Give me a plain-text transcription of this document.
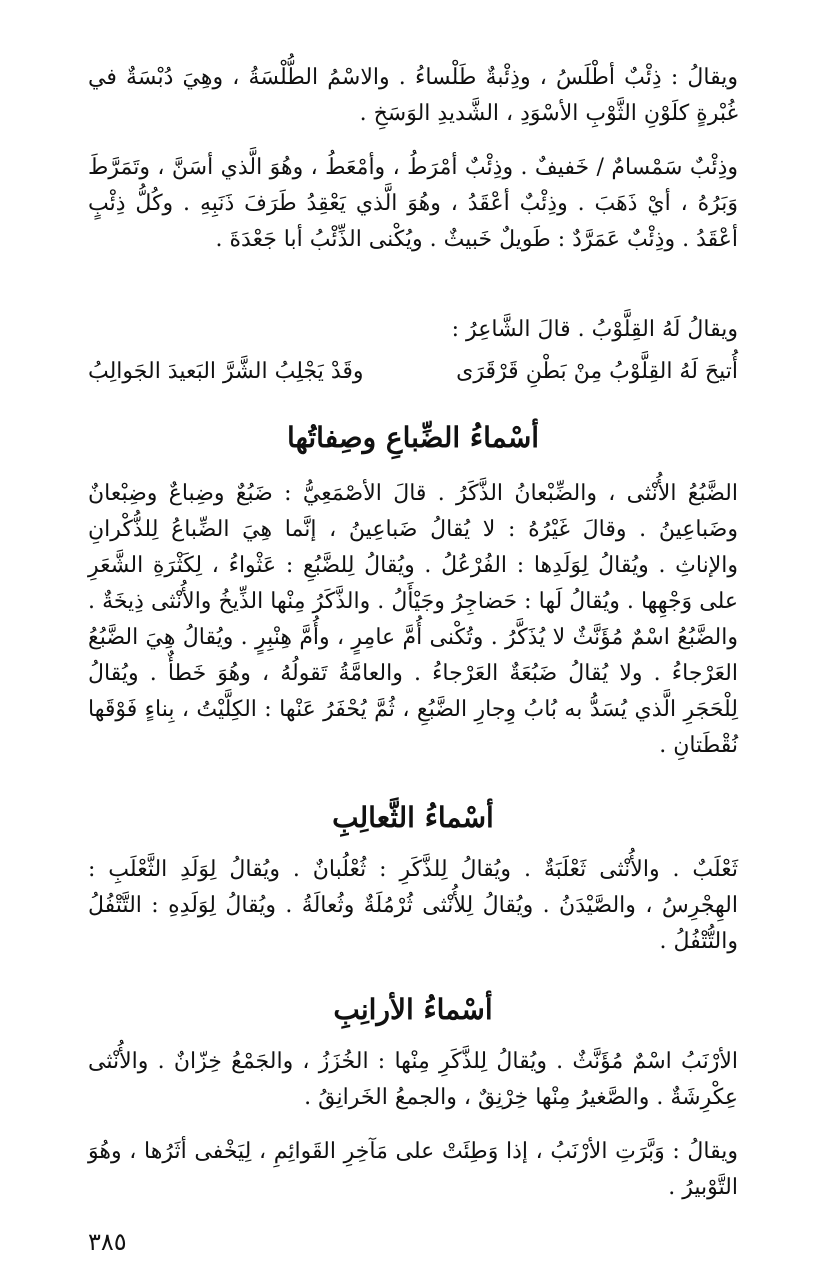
ويقالُ : ذِئْبٌ أطْلَسُ ، وذِئْبةٌ طَلْساءُ . والاسْمُ الطُّلْسَةُ ، وهِيَ دُبْسَةٌ في غُبْرةٍ كلَوْنِ الثَّوْبِ الأسْوَدِ ، الشَّديدِ الوَسَخِ .

وذِئْبٌ سَمْسامٌ / خَفيفٌ . وذِئْبٌ أمْرَطُ ، وأمْعَطُ ، وهُوَ الَّذي أسَنَّ ، وتَمَرَّطَ وَبَرُهُ ، أيْ ذَهَبَ . وذِئْبٌ أعْقَدُ ، وهُوَ الَّذي يَعْقِدُ طَرَفَ ذَنَبِهِ . وكُلُّ ذِئْبٍ أعْقَدُ . وذِئْبٌ عَمَرَّدٌ : طَويلٌ خَبيثٌ . ويُكْنى الذِّئْبُ أبا جَعْدَةَ .

ويقالُ لَهُ القِلَّوْبُ . قالَ الشَّاعِرُ :

أُتيحَ لَهُ القِلَّوْبُ مِنْ بَطْنِ قَرْقَرَى
وقَدْ يَجْلِبُ الشَّرَّ البَعيدَ الجَوالِبُ
أسْماءُ الضِّباعِ وصِفاتُها

الضَّبُعُ الأُنْثى ، والضِّبْعانُ الذَّكَرُ . قالَ الأصْمَعِيُّ : ضَبُعٌ وضِباعٌ وضِبْعانٌ وضَباعِينُ . وقالَ غَيْرُهُ : لا يُقالُ ضَباعِينُ ، إنَّما هِيَ الضِّباعُ لِلذُّكْرانِ والإناثِ . ويُقالُ لِوَلَدِها : الفُرْعُلُ . ويُقالُ لِلضَّبُعِ : عَثْواءُ ، لِكَثْرَةِ الشَّعَرِ على وَجْهِها . ويُقالُ لَها : حَضاجِرُ وجَيْأَلُ . والذَّكَرُ مِنْها الذِّيخُ والأُنْثى ذِيخَةٌ . والضَّبُعُ اسْمٌ مُؤَنَّثٌ لا يُذَكَّرُ . وتُكْنى أُمَّ عامِرٍ ، وأُمَّ هِنْبِرٍ . ويُقالُ هِيَ الضَّبُعُ العَرْجاءُ . ولا يُقالُ ضَبُعَةٌ العَرْجاءُ . والعامَّةُ تَقولُهُ ، وهُوَ خَطأٌ . ويُقالُ لِلْحَجَرِ الَّذي يُسَدُّ به بُابُ وِجارِ الضَّبُعِ ، ثُمَّ يُحْفَرُ عَنْها : الكِلَّيْتُ ، بِناءٍ فَوْقَها نُقْطَتانِ .

أسْماءُ الثَّعالِبِ

ثَعْلَبٌ . والأُنْثى ثَعْلَبَةٌ . ويُقالُ لِلذَّكَرِ : ثُعْلُبانٌ . ويُقالُ لِوَلَدِ الثَّعْلَبِ : الهِجْرِسُ ، والصَّيْدَنُ . ويُقالُ لِلأُنْثى ثُرْمُلَةٌ وثُعالَةُ . ويُقالُ لِوَلَدِهِ : التَّتْفُلُ والتُّتْفُلُ .

أسْماءُ الأرانِبِ

الأرْنَبُ اسْمٌ مُؤَنَّثٌ . ويُقالُ لِلذَّكَرِ مِنْها : الخُزَزُ ، والجَمْعُ خِزّانٌ . والأُنْثى عِكْرِشَةٌ . والصَّغيرُ مِنْها خِرْنِقٌ ، والجمعُ الخَرانِقُ .

ويقالُ : وَبَّرَتِ الأرْنَبُ ، إذا وَطِئَتْ على مَآخِرِ القَوائِمِ ، لِيَخْفى أثَرُها ، وهُوَ التَّوْبيرُ .

٣٨٥
